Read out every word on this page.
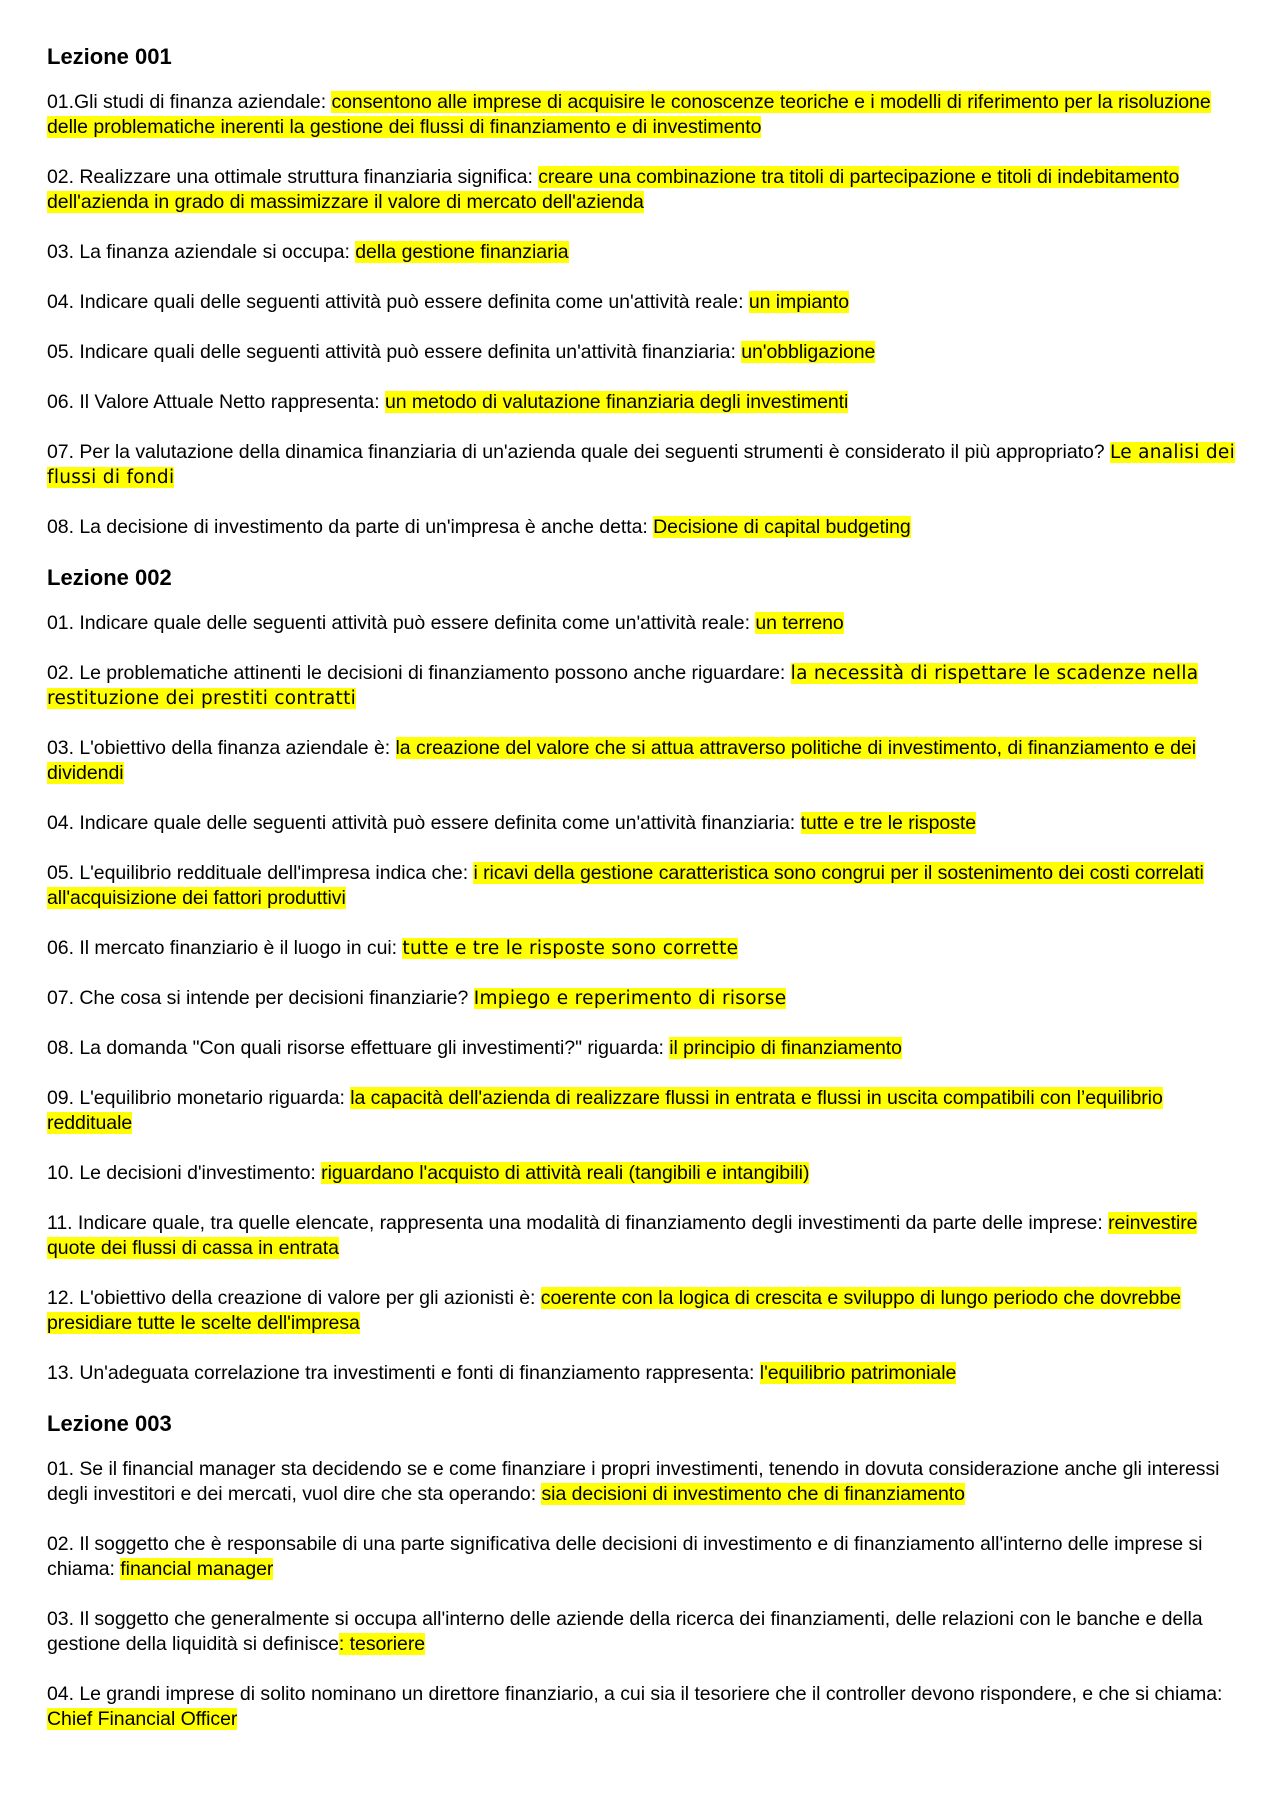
Lezione 001

01.Gli studi di finanza aziendale: consentono alle imprese di acquisire le conoscenze teoriche e i modelli di riferimento per la risoluzione delle problematiche inerenti la gestione dei flussi di finanziamento e di investimento

02. Realizzare una ottimale struttura finanziaria significa: creare una combinazione tra titoli di partecipazione e titoli di indebitamento dell'azienda in grado di massimizzare il valore di mercato dell'azienda

03. La finanza aziendale si occupa: della gestione finanziaria

04. Indicare quali delle seguenti attività può essere definita come un'attività reale: un impianto

05. Indicare quali delle seguenti attività può essere definita un'attività finanziaria: un'obbligazione

06. Il Valore Attuale Netto rappresenta: un metodo di valutazione finanziaria degli investimenti

07. Per la valutazione della dinamica finanziaria di un'azienda quale dei seguenti strumenti è considerato il più appropriato? Le analisi dei flussi di fondi

08. La decisione di investimento da parte di un'impresa è anche detta: Decisione di capital budgeting

Lezione 002

01. Indicare quale delle seguenti attività può essere definita come un'attività reale: un terreno

02. Le problematiche attinenti le decisioni di finanziamento possono anche riguardare: la necessità di rispettare le scadenze nella restituzione dei prestiti contratti

03. L'obiettivo della finanza aziendale è: la creazione del valore che si attua attraverso politiche di investimento, di finanziamento e dei dividendi

04. Indicare quale delle seguenti attività può essere definita come un'attività finanziaria: tutte e tre le risposte

05. L'equilibrio reddituale dell'impresa indica che: i ricavi della gestione caratteristica sono congrui per il sostenimento dei costi correlati all'acquisizione dei fattori produttivi

06. Il mercato finanziario è il luogo in cui: tutte e tre le risposte sono corrette

07. Che cosa si intende per decisioni finanziarie? Impiego e reperimento di risorse

08. La domanda "Con quali risorse effettuare gli investimenti?" riguarda: il principio di finanziamento

09. L'equilibrio monetario riguarda: la capacità dell'azienda di realizzare flussi in entrata e flussi in uscita compatibili con l’equilibrio reddituale

10. Le decisioni d'investimento: riguardano l'acquisto di attività reali (tangibili e intangibili)

11. Indicare quale, tra quelle elencate, rappresenta una modalità di finanziamento degli investimenti da parte delle imprese: reinvestire quote dei flussi di cassa in entrata

12. L'obiettivo della creazione di valore per gli azionisti è: coerente con la logica di crescita e sviluppo di lungo periodo che dovrebbe presidiare tutte le scelte dell'impresa

13. Un'adeguata correlazione tra investimenti e fonti di finanziamento rappresenta: l'equilibrio patrimoniale

Lezione 003

01. Se il financial manager sta decidendo se e come finanziare i propri investimenti, tenendo in dovuta considerazione anche gli interessi degli investitori e dei mercati, vuol dire che sta operando: sia decisioni di investimento che di finanziamento

02. Il soggetto che è responsabile di una parte significativa delle decisioni di investimento e di finanziamento all'interno delle imprese si chiama: financial manager

03. Il soggetto che generalmente si occupa all'interno delle aziende della ricerca dei finanziamenti, delle relazioni con le banche e della gestione della liquidità si definisce: tesoriere

04. Le grandi imprese di solito nominano un direttore finanziario, a cui sia il tesoriere che il controller devono rispondere, e che si chiama: Chief Financial Officer
